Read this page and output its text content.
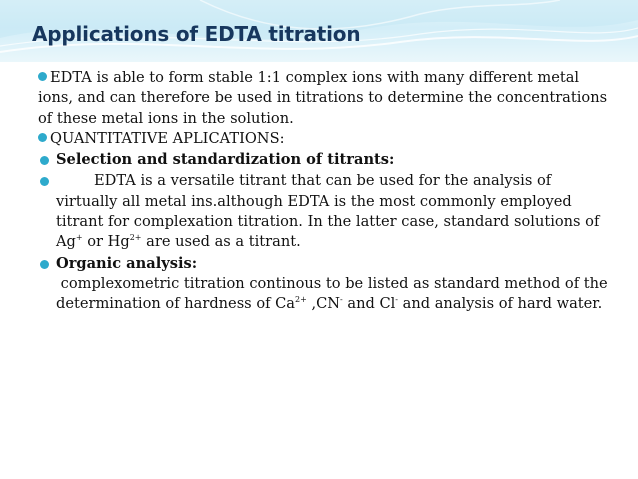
Applications of EDTA titration
EDTA is able to form stable 1:1 complex ions with many different metal ions, and can therefore be used in titrations to determine the concentrations of these metal ions in the solution.
QUANTITATIVE APLICATIONS:
Selection and standardization of titrants:
EDTA is a versatile titrant that can be used for the analysis of virtually all metal ins.although EDTA is the most commonly employed titrant for complexation titration. In the latter case, standard solutions of Ag+ or $Hg^{2+}$ are used as a titrant.
Organic analysis:
complexometric titration continous to be listed as standard method of the determination of hardness of $Ca^{2+}$ ,CN- and Cl- and analysis of hard water.
